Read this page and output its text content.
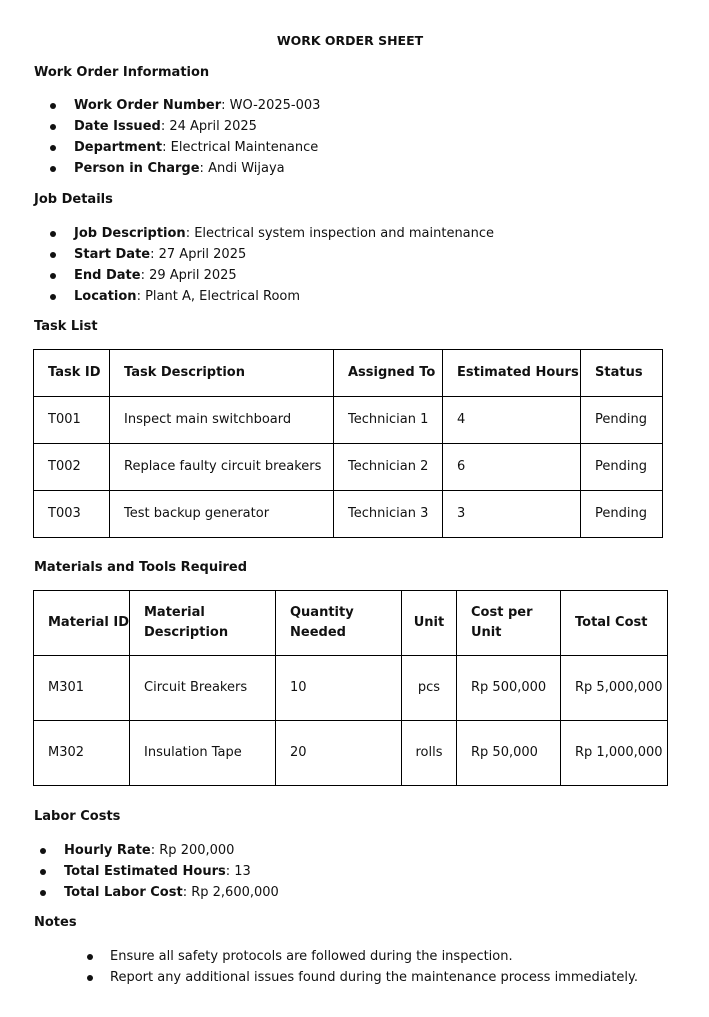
WORK ORDER SHEET
Work Order Information
Work Order Number: WO-2025-003
Date Issued: 24 April 2025
Department: Electrical Maintenance
Person in Charge: Andi Wijaya
Job Details
Job Description: Electrical system inspection and maintenance
Start Date: 27 April 2025
End Date: 29 April 2025
Location: Plant A, Electrical Room
Task List
Task ID	Task Description	Assigned To	Estimated Hours	Status
T001	Inspect main switchboard	Technician 1	4	Pending
T002	Replace faulty circuit breakers	Technician 2	6	Pending
T003	Test backup generator	Technician 3	3	Pending
Materials and Tools Required
Material ID	Material Description	Quantity Needed	Unit	Cost per Unit	Total Cost
M301	Circuit Breakers	10	pcs	Rp 500,000	Rp 5,000,000
M302	Insulation Tape	20	rolls	Rp 50,000	Rp 1,000,000
Labor Costs
Hourly Rate: Rp 200,000
Total Estimated Hours: 13
Total Labor Cost: Rp 2,600,000
Notes
Ensure all safety protocols are followed during the inspection.
Report any additional issues found during the maintenance process immediately.
